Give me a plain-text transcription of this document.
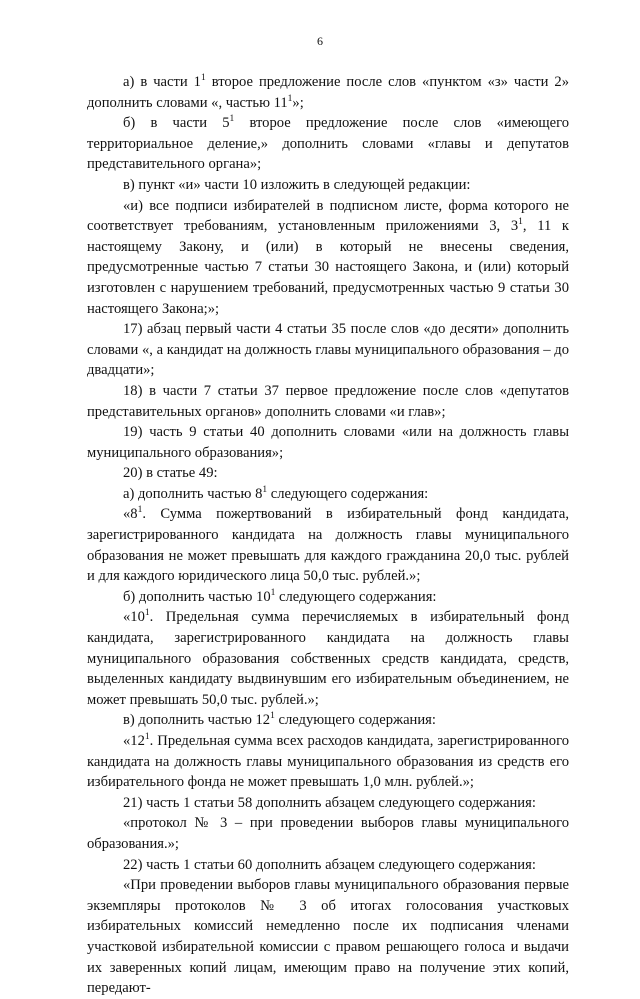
6

а) в части $1^1$ второе предложение после слов «пунктом «з» части 2» дополнить словами «, частью $11^1$»;

б) в части $5^1$ второе предложение после слов «имеющего территориальное деление,» дополнить словами «главы и депутатов представительного органа»;

в) пункт «и» части 10 изложить в следующей редакции:

«и) все подписи избирателей в подписном листе, форма которого не соответствует требованиям, установленным приложениями 3, $3^1$, 11 к настоящему Закону, и (или) в который не внесены сведения, предусмотренные частью 7 статьи 30 настоящего Закона, и (или) который изготовлен с нарушением требований, предусмотренных частью 9 статьи 30 настоящего Закона;»;

17) абзац первый части 4 статьи 35 после слов «до десяти» дополнить словами «, а кандидат на должность главы муниципального образования – до двадцати»;

18) в части 7 статьи 37 первое предложение после слов «депутатов представительных органов» дополнить словами «и глав»;

19) часть 9 статьи 40 дополнить словами «или на должность главы муниципального образования»;

20) в статье 49:

а) дополнить частью $8^1$ следующего содержания:

«$8^1$. Сумма пожертвований в избирательный фонд кандидата, зарегистрированного кандидата на должность главы муниципального образования не может превышать для каждого гражданина 20,0 тыс. рублей и для каждого юридического лица 50,0 тыс. рублей.»;

б) дополнить частью $10^1$ следующего содержания:

«$10^1$. Предельная сумма перечисляемых в избирательный фонд кандидата, зарегистрированного кандидата на должность главы муниципального образования собственных средств кандидата, средств, выделенных кандидату выдвинувшим его избирательным объединением, не может превышать 50,0 тыс. рублей.»;

в) дополнить частью $12^1$ следующего содержания:

«$12^1$. Предельная сумма всех расходов кандидата, зарегистрированного кандидата на должность главы муниципального образования из средств его избирательного фонда не может превышать 1,0 млн. рублей.»;

21) часть 1 статьи 58 дополнить абзацем следующего содержания:

«протокол № 3 – при проведении выборов главы муниципального образования.»;

22) часть 1 статьи 60 дополнить абзацем следующего содержания:

«При проведении выборов главы муниципального образования первые экземпляры протоколов № 3 об итогах голосования участковых избирательных комиссий немедленно после их подписания членами участковой избирательной комиссии с правом решающего голоса и выдачи их заверенных копий лицам, имеющим право на получение этих копий, передают-
